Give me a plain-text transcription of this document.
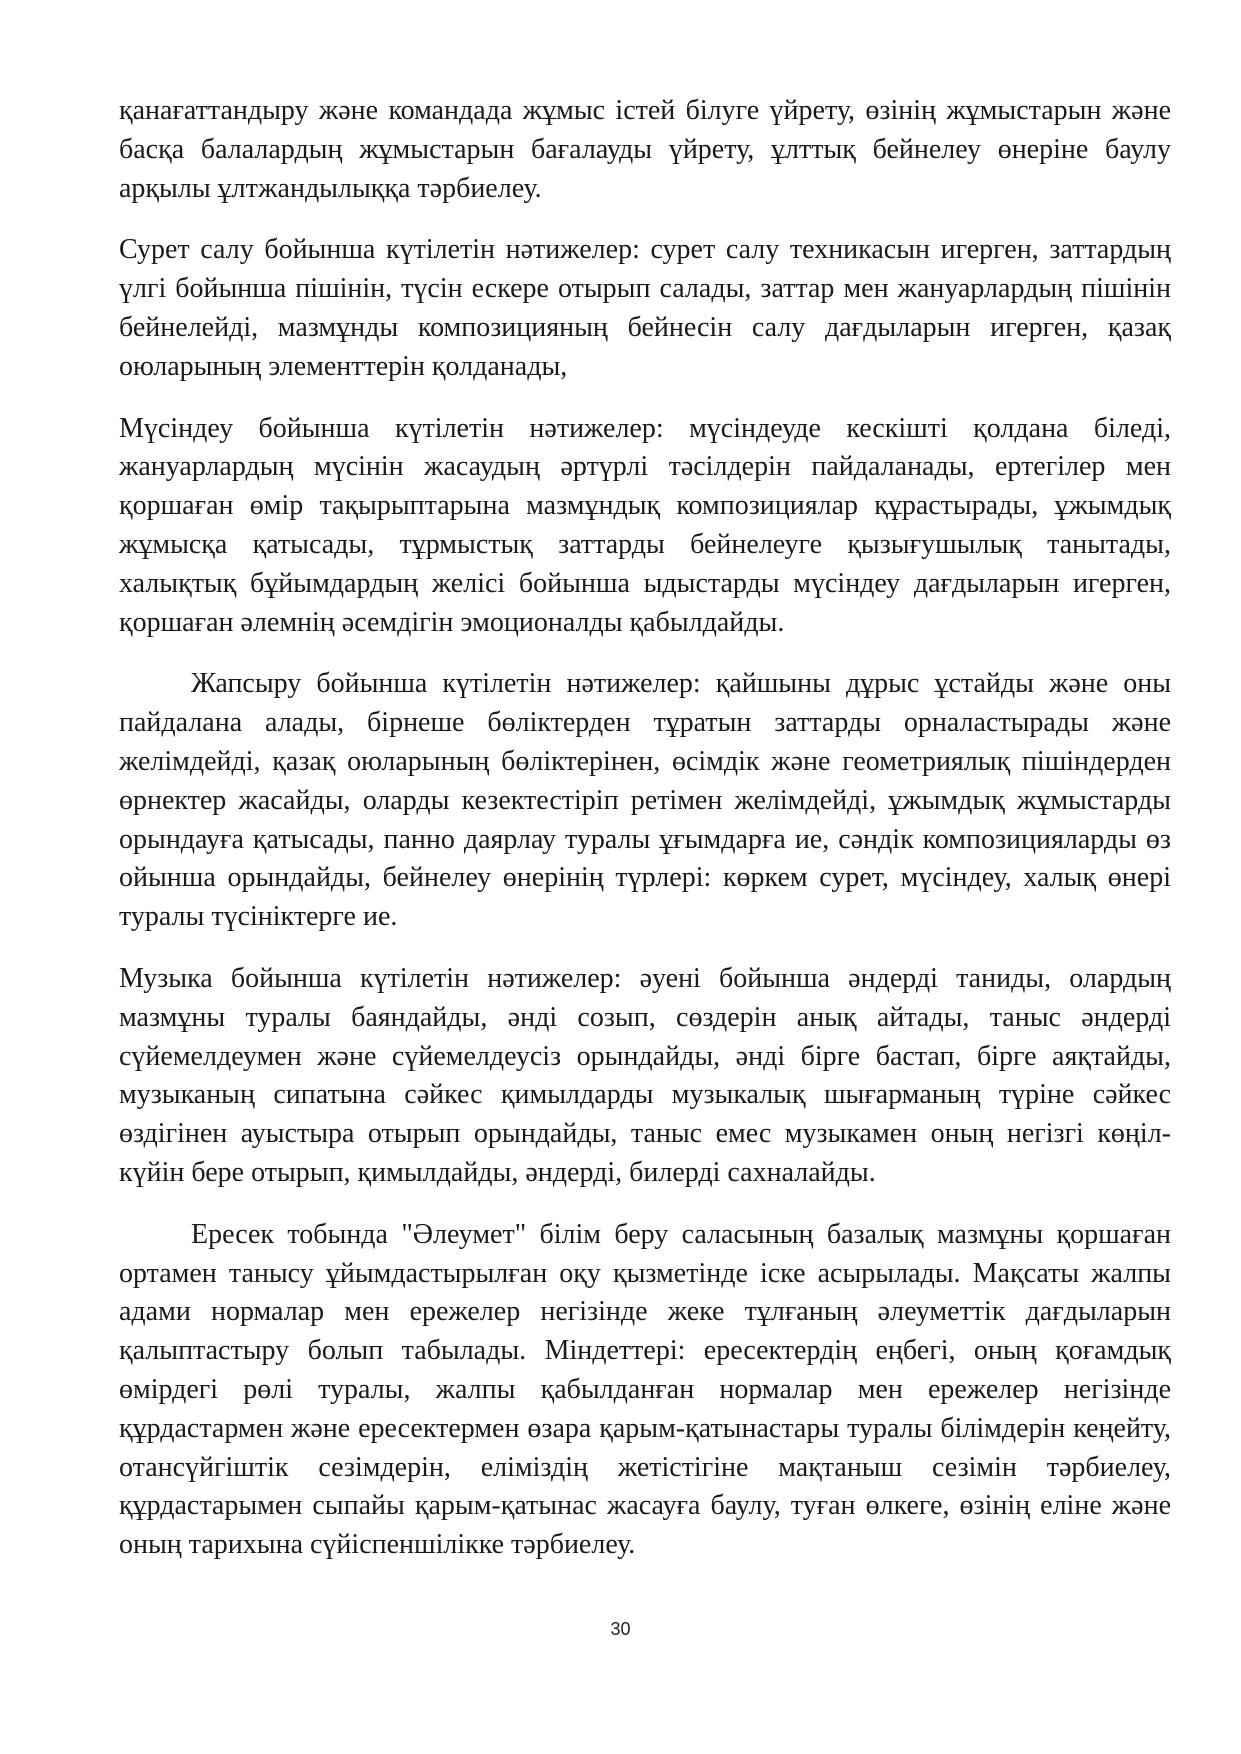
қанағаттандыру және командада жұмыс істей білуге үйрету, өзінің жұмыстарын және басқа балалардың жұмыстарын бағалауды үйрету, ұлттық бейнелеу өнеріне баулу арқылы ұлтжандылыққа тәрбиелеу.

Сурет салу бойынша күтілетін нәтижелер: сурет салу техникасын игерген, заттардың үлгі бойынша пішінін, түсін ескере отырып салады, заттар мен жануарлардың пішінін бейнелейді, мазмұнды композицияның бейнесін салу дағдыларын игерген, қазақ оюларының элементтерін қолданады,

Мүсіндеу бойынша күтілетін нәтижелер: мүсіндеуде кескішті қолдана біледі, жануарлардың мүсінін жасаудың әртүрлі тәсілдерін пайдаланады, ертегілер мен қоршаған өмір тақырыптарына мазмұндық композициялар құрастырады, ұжымдық жұмысқа қатысады, тұрмыстық заттарды бейнелеуге қызығушылық танытады, халықтық бұйымдардың желісі бойынша ыдыстарды мүсіндеу дағдыларын игерген, қоршаған әлемнің әсемдігін эмоционалды қабылдайды.

Жапсыру бойынша күтілетін нәтижелер: қайшыны дұрыс ұстайды және оны пайдалана алады, бірнеше бөліктерден тұратын заттарды орналастырады және желімдейді, қазақ оюларының бөліктерінен, өсімдік және геометриялық пішіндерден өрнектер жасайды, оларды кезектестіріп ретімен желімдейді, ұжымдық жұмыстарды орындауға қатысады, панно даярлау туралы ұғымдарға ие, сәндік композицияларды өз ойынша орындайды, бейнелеу өнерінің түрлері: көркем сурет, мүсіндеу, халық өнері туралы түсініктерге ие.

Музыка бойынша күтілетін нәтижелер: әуені бойынша әндерді таниды, олардың мазмұны туралы баяндайды, әнді созып, сөздерін анық айтады, таныс әндерді сүйемелдеумен және сүйемелдеусіз орындайды, әнді бірге бастап, бірге аяқтайды, музыканың сипатына сәйкес қимылдарды музыкалық шығарманың түріне сәйкес өздігінен ауыстыра отырып орындайды, таныс емес музыкамен оның негізгі көңіл-күйін бере отырып, қимылдайды, әндерді, билерді сахналайды.

Ересек тобында "Әлеумет" білім беру саласының базалық мазмұны қоршаған ортамен танысу ұйымдастырылған оқу қызметінде іске асырылады. Мақсаты жалпы адами нормалар мен ережелер негізінде жеке тұлғаның әлеуметтік дағдыларын қалыптастыру болып табылады. Міндеттері: ересектердің еңбегі, оның қоғамдық өмірдегі рөлі туралы, жалпы қабылданған нормалар мен ережелер негізінде құрдастармен және ересектермен өзара қарым-қатынастары туралы білімдерін кеңейту, отансүйгіштік сезімдерін, еліміздің жетістігіне мақтаныш сезімін тәрбиелеу, құрдастарымен сыпайы қарым-қатынас жасауға баулу, туған өлкеге, өзінің еліне және оның тарихына сүйіспеншілікке тәрбиелеу.

30
